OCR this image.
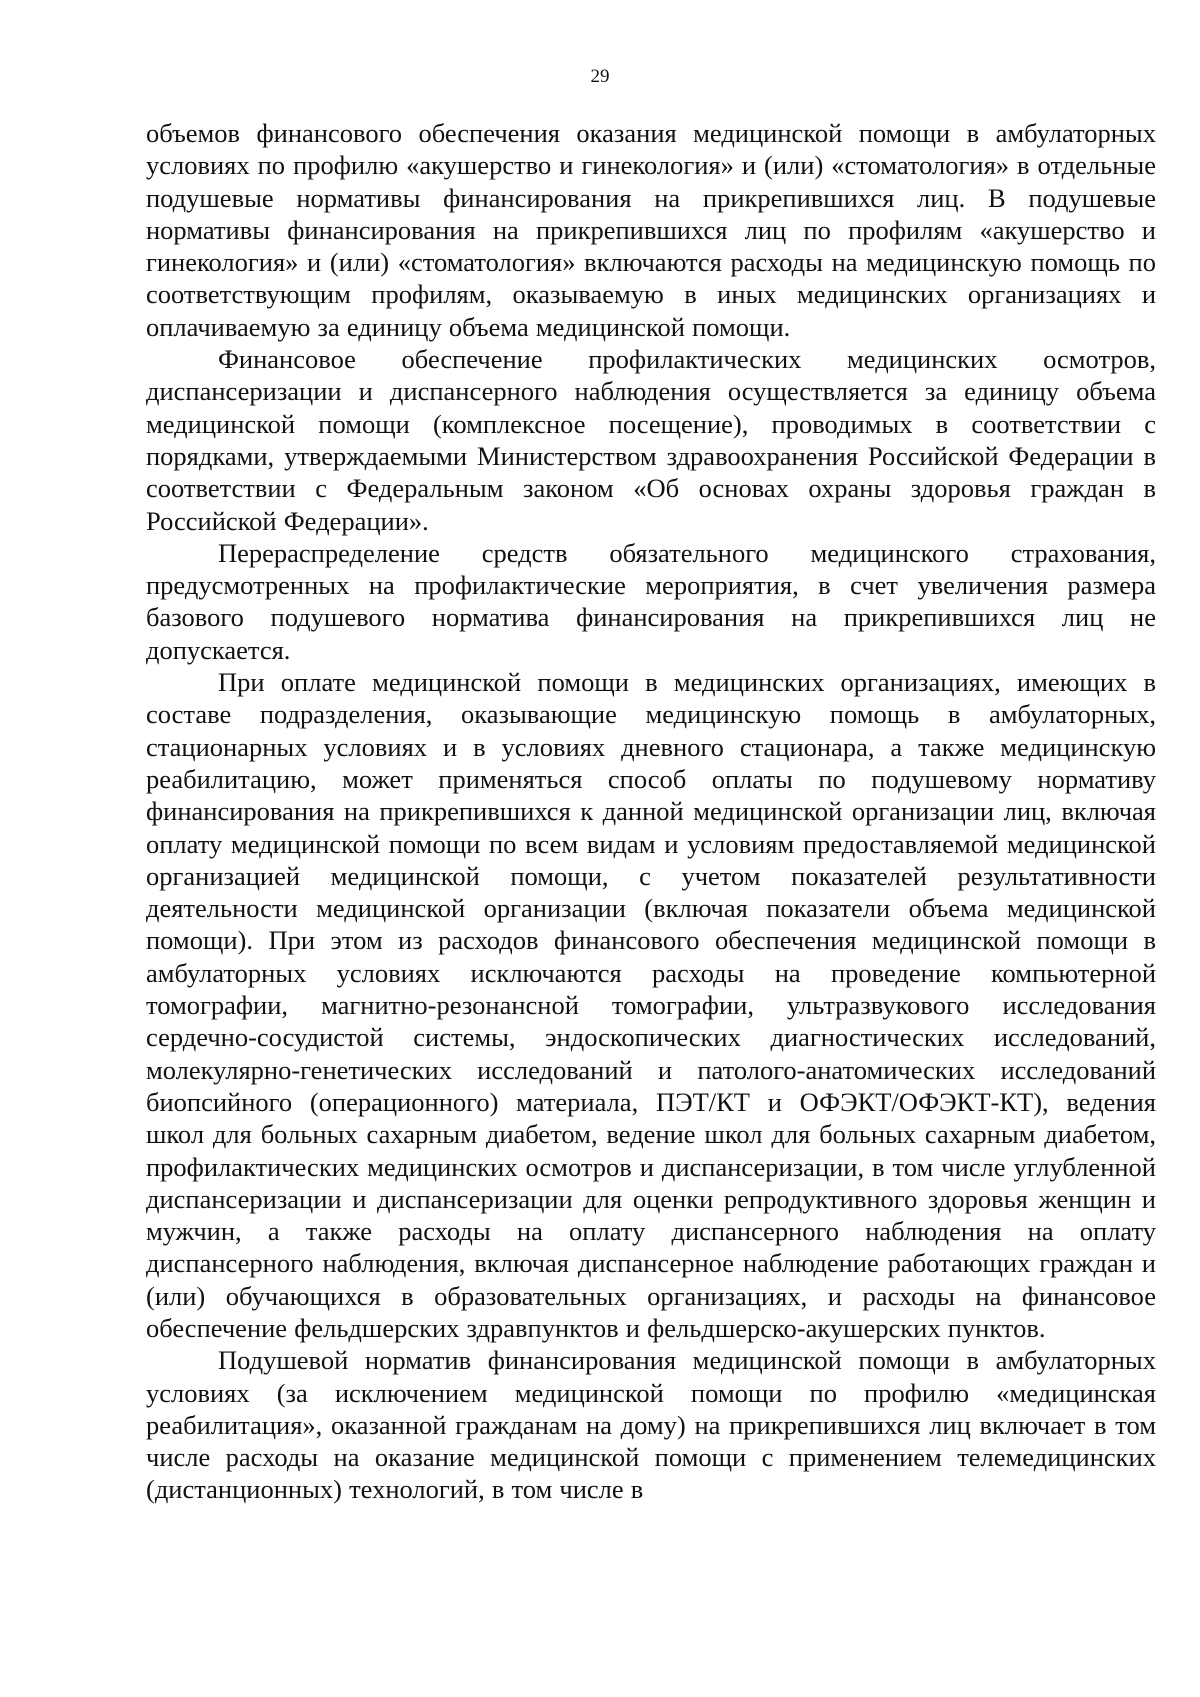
29

объемов финансового обеспечения оказания медицинской помощи в амбулаторных условиях по профилю «акушерство и гинекология» и (или) «стоматология» в отдельные подушевые нормативы финансирования на прикрепившихся лиц. В подушевые нормативы финансирования на прикрепившихся лиц по профилям «акушерство и гинекология» и (или) «стоматология» включаются расходы на медицинскую помощь по соответствующим профилям, оказываемую в иных медицинских организациях и оплачиваемую за единицу объема медицинской помощи.

Финансовое обеспечение профилактических медицинских осмотров, диспансеризации и диспансерного наблюдения осуществляется за единицу объема медицинской помощи (комплексное посещение), проводимых в соответствии с порядками, утверждаемыми Министерством здравоохранения Российской Федерации в соответствии с Федеральным законом «Об основах охраны здоровья граждан в Российской Федерации».

Перераспределение средств обязательного медицинского страхования, предусмотренных на профилактические мероприятия, в счет увеличения размера базового подушевого норматива финансирования на прикрепившихся лиц не допускается.

При оплате медицинской помощи в медицинских организациях, имеющих в составе подразделения, оказывающие медицинскую помощь в амбулаторных, стационарных условиях и в условиях дневного стационара, а также медицинскую реабилитацию, может применяться способ оплаты по подушевому нормативу финансирования на прикрепившихся к данной медицинской организации лиц, включая оплату медицинской помощи по всем видам и условиям предоставляемой медицинской организацией медицинской помощи, с учетом показателей результативности деятельности медицинской организации (включая показатели объема медицинской помощи). При этом из расходов финансового обеспечения медицинской помощи в амбулаторных условиях исключаются расходы на проведение компьютерной томографии, магнитно-резонансной томографии, ультразвукового исследования сердечно-сосудистой системы, эндоскопических диагностических исследований, молекулярно-генетических исследований и патолого-анатомических исследований биопсийного (операционного) материала, ПЭТ/КТ и ОФЭКТ/ОФЭКТ-КТ), ведения школ для больных сахарным диабетом, ведение школ для больных сахарным диабетом, профилактических медицинских осмотров и диспансеризации, в том числе углубленной диспансеризации и диспансеризации для оценки репродуктивного здоровья женщин и мужчин, а также расходы на оплату диспансерного наблюдения на оплату диспансерного наблюдения, включая диспансерное наблюдение работающих граждан и (или) обучающихся в образовательных организациях, и расходы на финансовое обеспечение фельдшерских здравпунктов и фельдшерско-акушерских пунктов.

Подушевой норматив финансирования медицинской помощи в амбулаторных условиях (за исключением медицинской помощи по профилю «медицинская реабилитация», оказанной гражданам на дому) на прикрепившихся лиц включает в том числе расходы на оказание медицинской помощи с применением телемедицинских (дистанционных) технологий, в том числе в
